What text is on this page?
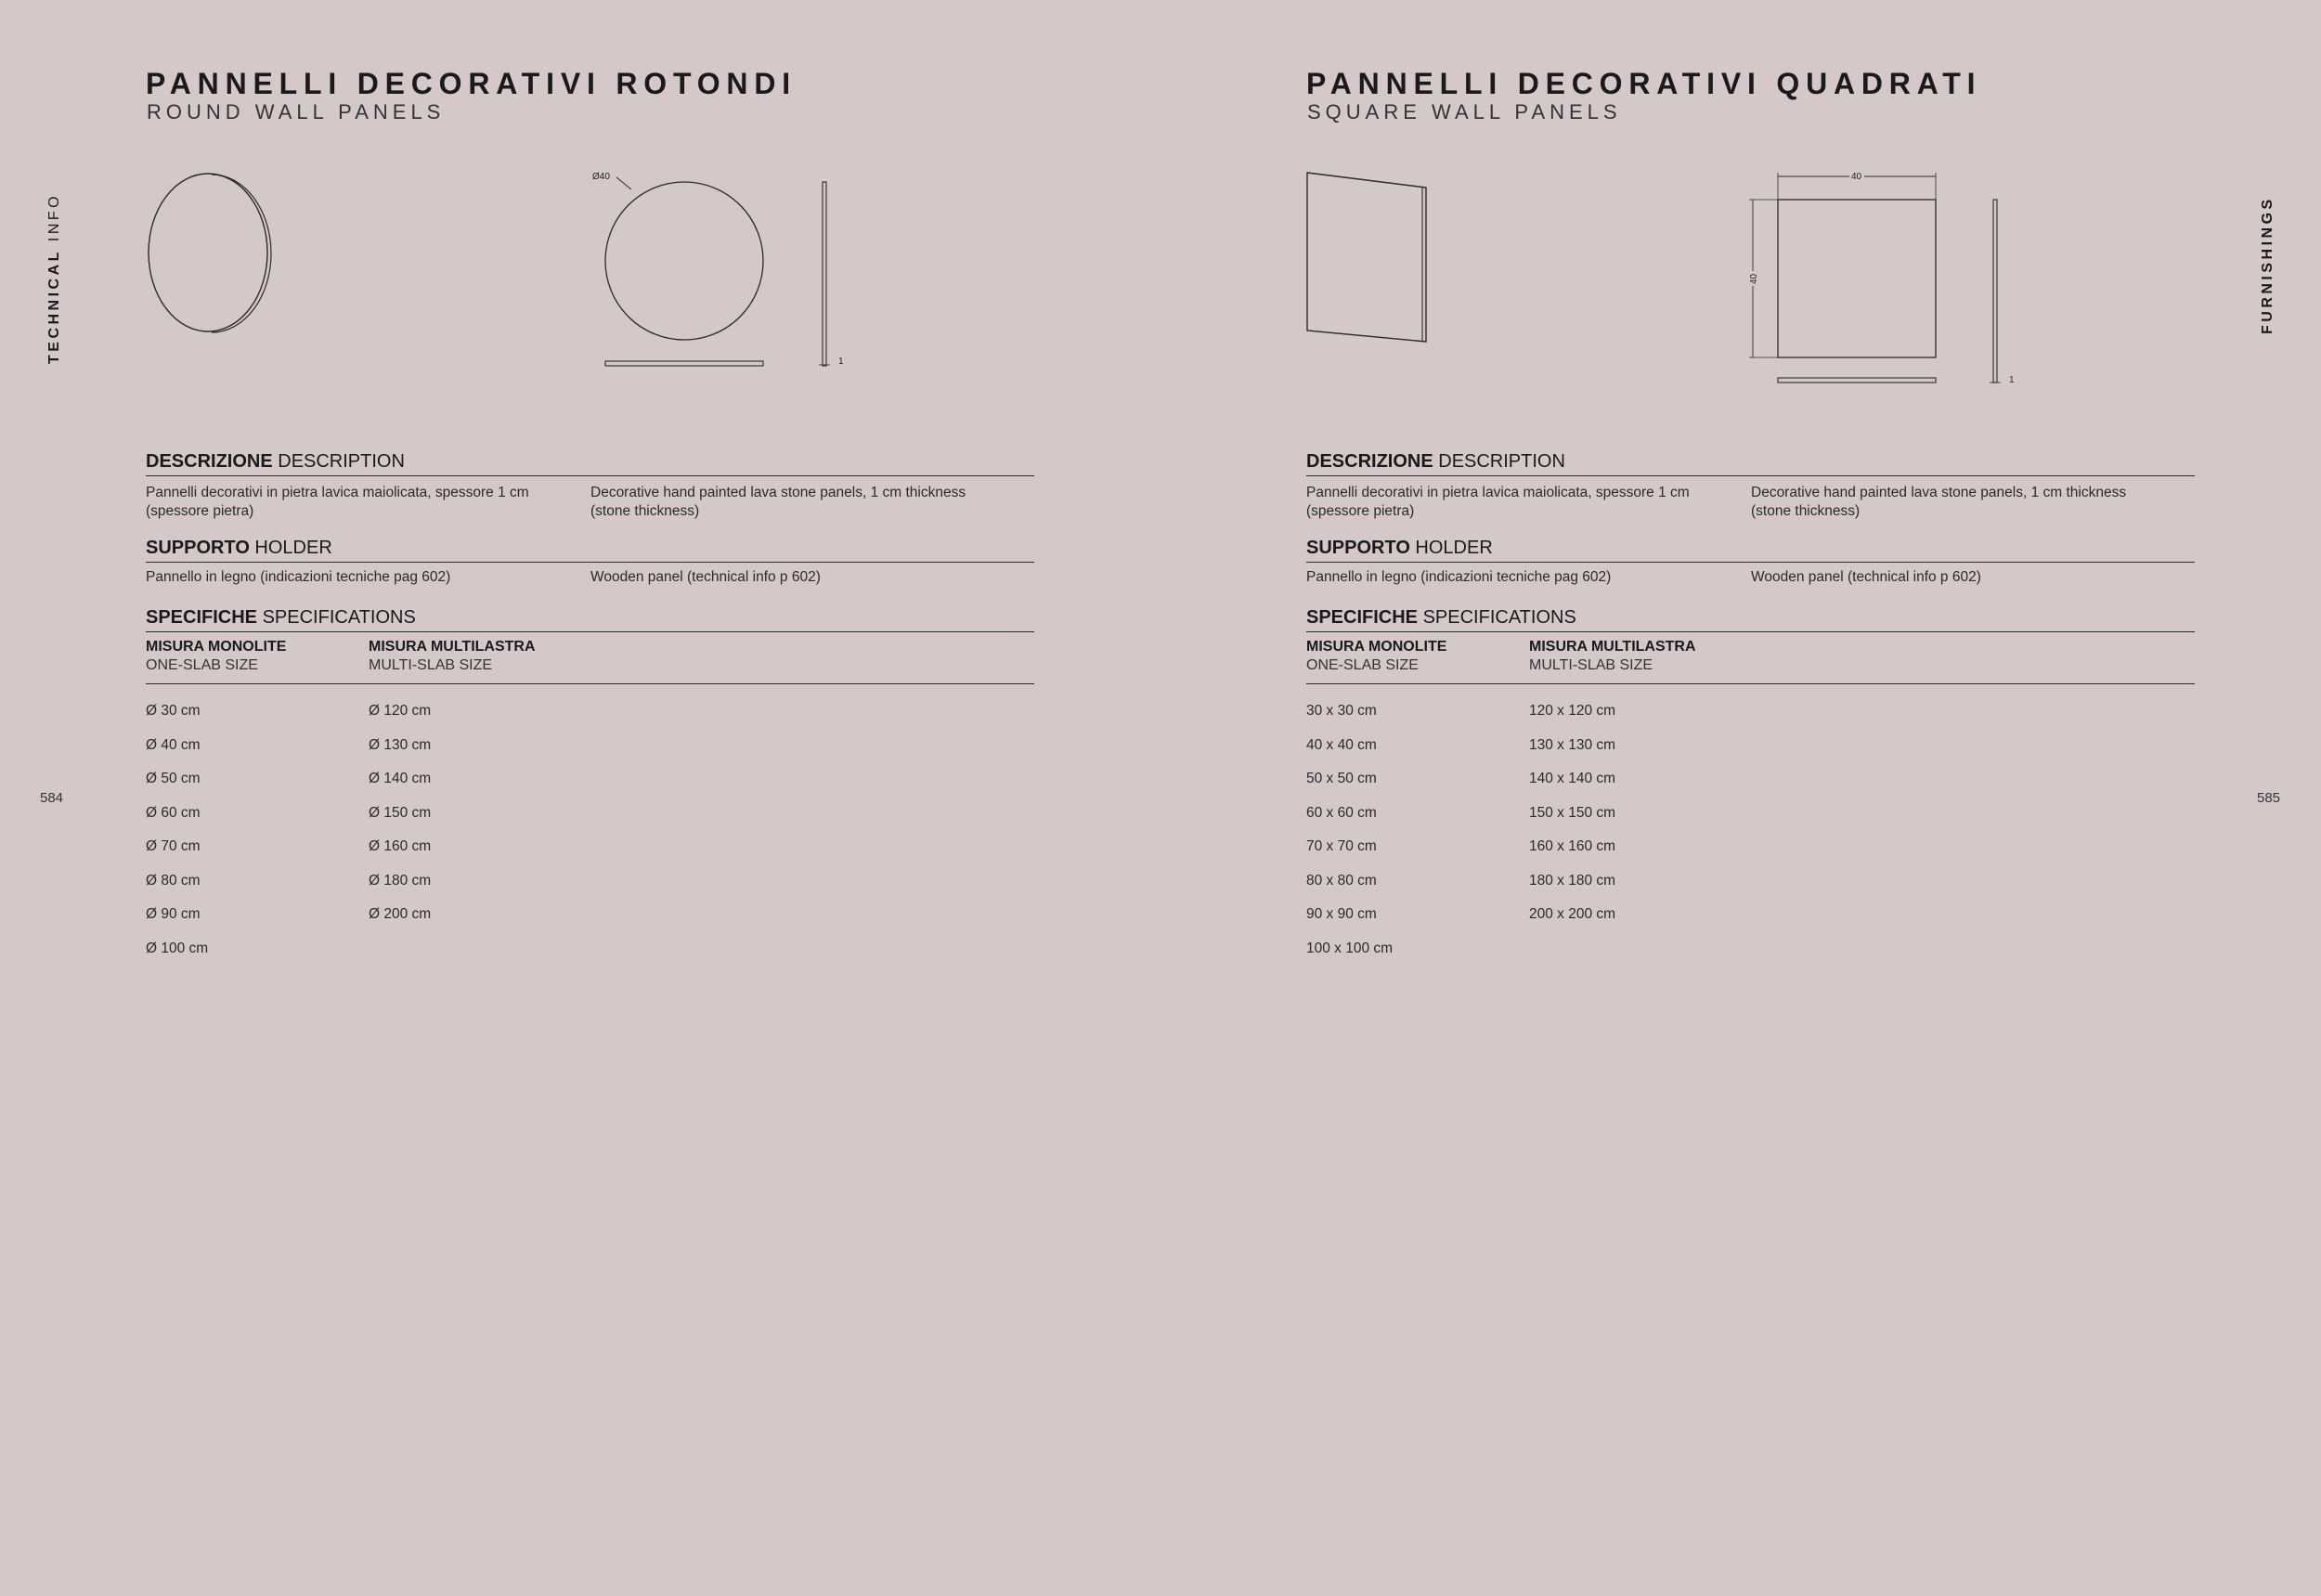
PANNELLI DECORATIVI ROTONDI
ROUND WALL PANELS
TECHNICAL INFO
584
Ø40
1
DESCRIZIONE DESCRIPTION
Pannelli decorativi in pietra lavica maiolicata, spessore 1 cm
(spessore pietra)
Decorative hand painted lava stone panels, 1 cm thickness
(stone thickness)
SUPPORTO HOLDER
Pannello in legno (indicazioni tecniche pag 602)	Wooden panel (technical info p 602)
SPECIFICHE SPECIFICATIONS
MISURA MONOLITE
ONE-SLAB SIZE
MISURA MULTILASTRA
MULTI-SLAB SIZE
Ø 30 cm
Ø 40 cm
Ø 50 cm
Ø 60 cm
Ø 70 cm
Ø 80 cm
Ø 90 cm
Ø 100 cm
Ø 120 cm
Ø 130 cm
Ø 140 cm
Ø 150 cm
Ø 160 cm
Ø 180 cm
Ø 200 cm
PANNELLI DECORATIVI QUADRATI
SQUARE WALL PANELS
FURNISHINGS
585
40
40
1
DESCRIZIONE DESCRIPTION
Pannelli decorativi in pietra lavica maiolicata, spessore 1 cm
(spessore pietra)
Decorative hand painted lava stone panels, 1 cm thickness
(stone thickness)
SUPPORTO HOLDER
Pannello in legno (indicazioni tecniche pag 602)	Wooden panel (technical info p 602)
SPECIFICHE SPECIFICATIONS
MISURA MONOLITE
ONE-SLAB SIZE
MISURA MULTILASTRA
MULTI-SLAB SIZE
30 x 30 cm
40 x 40 cm
50 x 50 cm
60 x 60 cm
70 x 70 cm
80 x 80 cm
90 x 90 cm
100 x 100 cm
120 x 120 cm
130 x 130 cm
140 x 140 cm
150 x 150 cm
160 x 160 cm
180 x 180 cm
200 x 200 cm
